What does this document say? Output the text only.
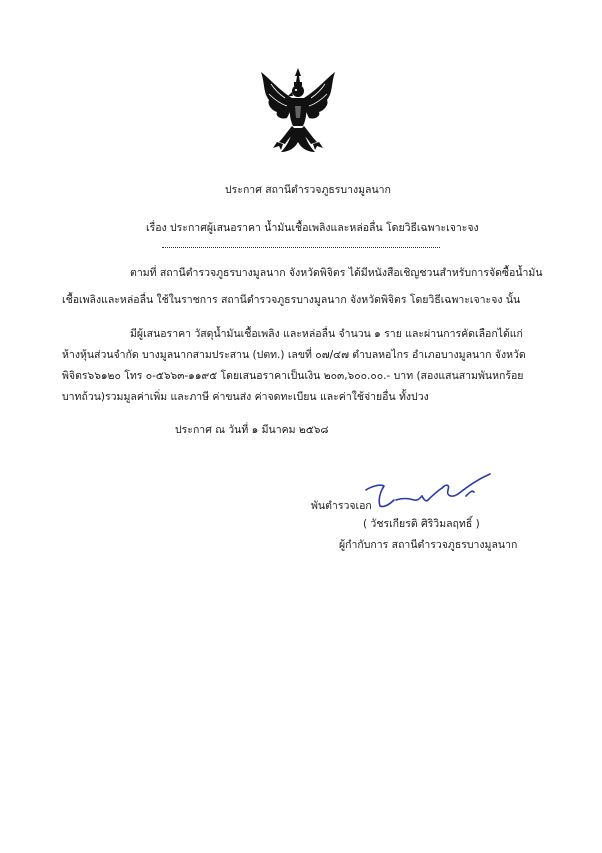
ประกาศ สถานีตำรวจภูธรบางมูลนาก
เรื่อง ประกาศผู้เสนอราคา น้ำมันเชื้อเพลิงและหล่อลื่น โดยวิธีเฉพาะเจาะจง
ตามที่ สถานีตำรวจภูธรบางมูลนาก จังหวัดพิจิตร ได้มีหนังสือเชิญชวนสำหรับการจัดซื้อน้ำมัน
เชื้อเพลิงและหล่อลื่น ใช้ในราชการ สถานีตำรวจภูธรบางมูลนาก จังหวัดพิจิตร โดยวิธีเฉพาะเจาะจง นั้น
มีผู้เสนอราคา วัสดุน้ำมันเชื้อเพลิง และหล่อลื่น จำนวน ๑ ราย และผ่านการคัดเลือกได้แก่
ห้างหุ้นส่วนจำกัด บางมูลนากสามประสาน (ปตท.) เลขที่ ๐๗/๔๗ ตำบลหอไกร อำเภอบางมูลนาก จังหวัด
พิจิตร๖๖๑๒๐ โทร ๐-๕๖๖๓-๑๑๙๕ โดยเสนอราคาเป็นเงิน ๒๐๓,๖๐๐.๐๐.- บาท (สองแสนสามพันหกร้อย
บาทถ้วน)รวมมูลค่าเพิ่ม และภาษี ค่าขนส่ง ค่าจดทะเบียน และค่าใช้จ่ายอื่น ทั้งปวง
ประกาศ ณ วันที่ ๑ มีนาคม ๒๕๖๘
พันตำรวจเอก
( วัชรเกียรติ ศิริวิมลฤทธิ์ )
ผู้กำกับการ สถานีตำรวจภูธรบางมูลนาก
